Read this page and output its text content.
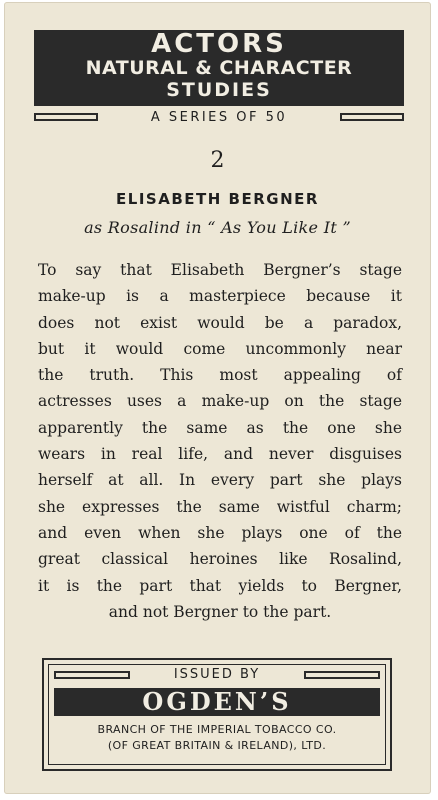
ACTORS
NATURAL & CHARACTER
STUDIES
A SERIES OF 50
2
ELISABETH BERGNER
as Rosalind in “ As You Like It ”
To say that Elisabeth Bergner’s stage
make-up is a masterpiece because it
does not exist would be a paradox,
but it would come uncommonly near
the truth. This most appealing of
actresses uses a make-up on the stage
apparently the same as the one she
wears in real life, and never disguises
herself at all. In every part she plays
she expresses the same wistful charm;
and even when she plays one of the
great classical heroines like Rosalind,
it is the part that yields to Bergner,
and not Bergner to the part.
ISSUED BY
OGDEN’S
BRANCH OF THE IMPERIAL TOBACCO CO.
(OF GREAT BRITAIN & IRELAND), LTD.
